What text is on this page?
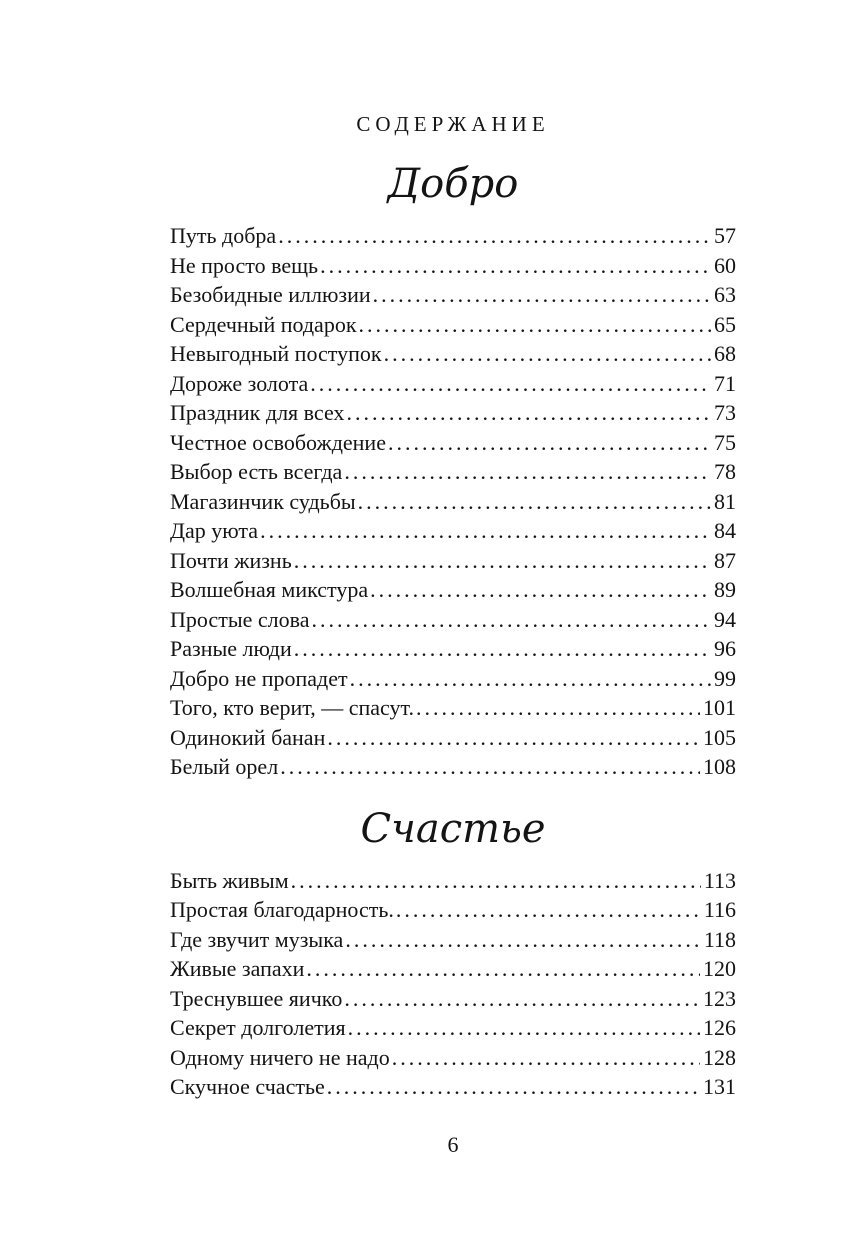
СОДЕРЖАНИЕ
Добро
Путь добра .....	57
Не просто вещь .....	60
Безобидные иллюзии .....	63
Сердечный подарок .....	65
Невыгодный поступок .....	68
Дороже золота .....	71
Праздник для всех .....	73
Честное освобождение .....	75
Выбор есть всегда .....	78
Магазинчик судьбы .....	81
Дар уюта .....	84
Почти жизнь .....	87
Волшебная микстура .....	89
Простые слова .....	94
Разные люди .....	96
Добро не пропадет .....	99
Того, кто верит, — спасут. .....	101
Одинокий банан .....	105
Белый орел .....	108
Счастье
Быть живым .....	113
Простая благодарность. .....	116
Где звучит музыка .....	118
Живые запахи .....	120
Треснувшее яичко .....	123
Секрет долголетия .....	126
Одному ничего не надо .....	128
Скучное счастье .....	131
6
